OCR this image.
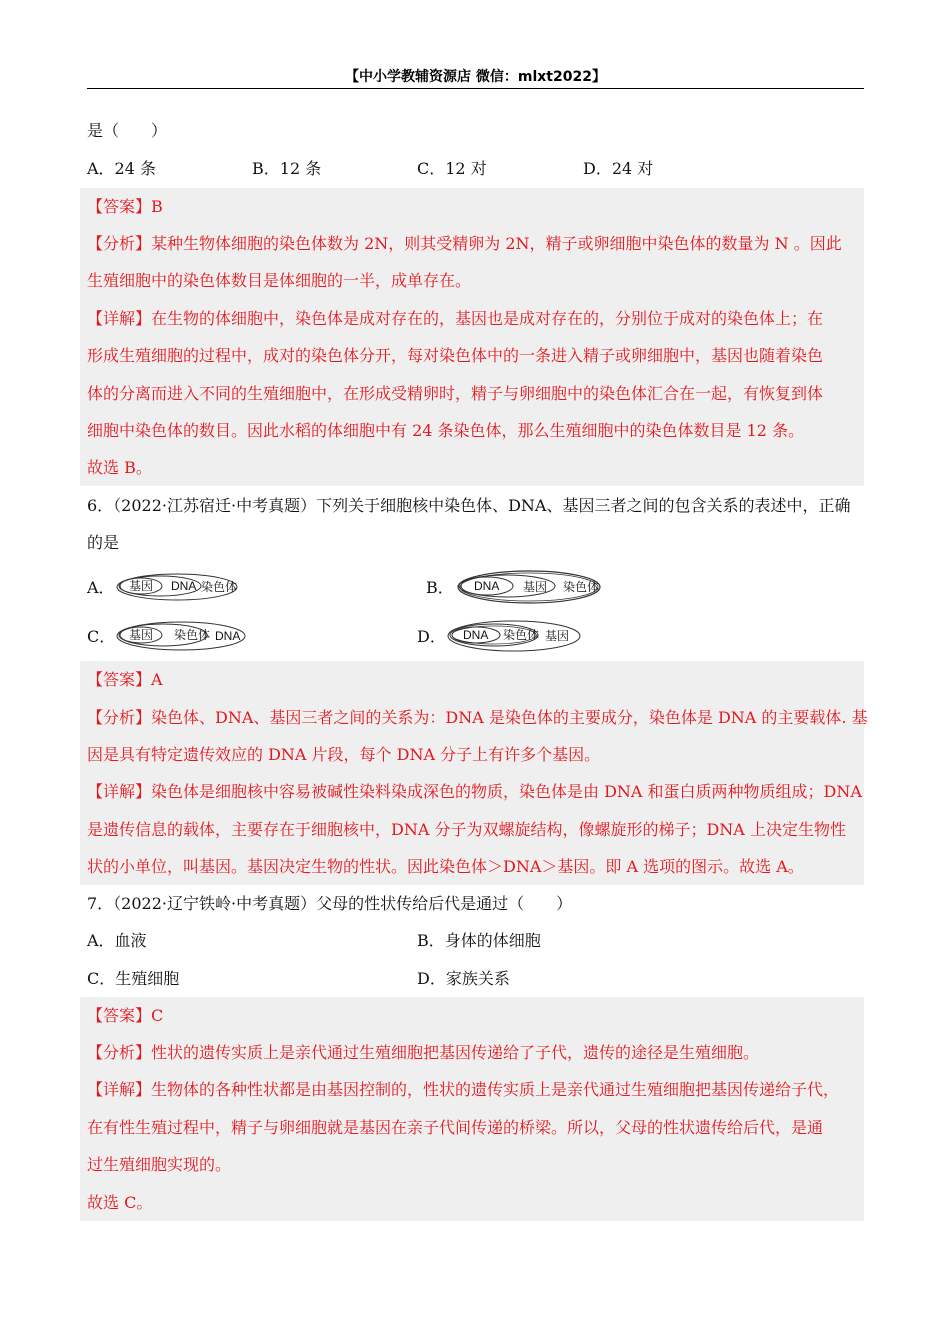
【中小学教辅资源店 微信：mlxt2022】
是（　　）
A．24 条	B．12 条	C．12 对	D．24 对
【答案】B
【分析】某种生物体细胞的染色体数为 2N，则其受精卵为 2N，精子或卵细胞中染色体的数量为 N 。因此
生殖细胞中的染色体数目是体细胞的一半，成单存在。
【详解】在生物的体细胞中，染色体是成对存在的，基因也是成对存在的，分别位于成对的染色体上；在
形成生殖细胞的过程中，成对的染色体分开，每对染色体中的一条进入精子或卵细胞中，基因也随着染色
体的分离而进入不同的生殖细胞中，在形成受精卵时，精子与卵细胞中的染色体汇合在一起，有恢复到体
细胞中染色体的数目。因此水稻的体细胞中有 24 条染色体，那么生殖细胞中的染色体数目是 12 条。
故选 B。
6．（2022·江苏宿迁·中考真题）下列关于细胞核中染色体、DNA、基因三者之间的包含关系的表述中，正确
的是
A． 基因 DNA 染色体	B． DNA 基因 染色体
C． 基因 染色体 DNA	D． DNA 染色体 基因
【答案】A
【分析】染色体、DNA、基因三者之间的关系为：DNA 是染色体的主要成分，染色体是 DNA 的主要载体. 基
因是具有特定遗传效应的 DNA 片段，每个 DNA 分子上有许多个基因。
【详解】染色体是细胞核中容易被碱性染料染成深色的物质，染色体是由 DNA 和蛋白质两种物质组成；DNA
是遗传信息的载体，主要存在于细胞核中，DNA 分子为双螺旋结构，像螺旋形的梯子；DNA 上决定生物性
状的小单位，叫基因。基因决定生物的性状。因此染色体＞DNA＞基因。即 A 选项的图示。故选 A。
7．（2022·辽宁铁岭·中考真题）父母的性状传给后代是通过（　　）
A．血液	B．身体的体细胞
C．生殖细胞	D．家族关系
【答案】C
【分析】性状的遗传实质上是亲代通过生殖细胞把基因传递给了子代，遗传的途径是生殖细胞。
【详解】生物体的各种性状都是由基因控制的，性状的遗传实质上是亲代通过生殖细胞把基因传递给子代，
在有性生殖过程中，精子与卵细胞就是基因在亲子代间传递的桥梁。所以，父母的性状遗传给后代，是通
过生殖细胞实现的。
故选 C。
